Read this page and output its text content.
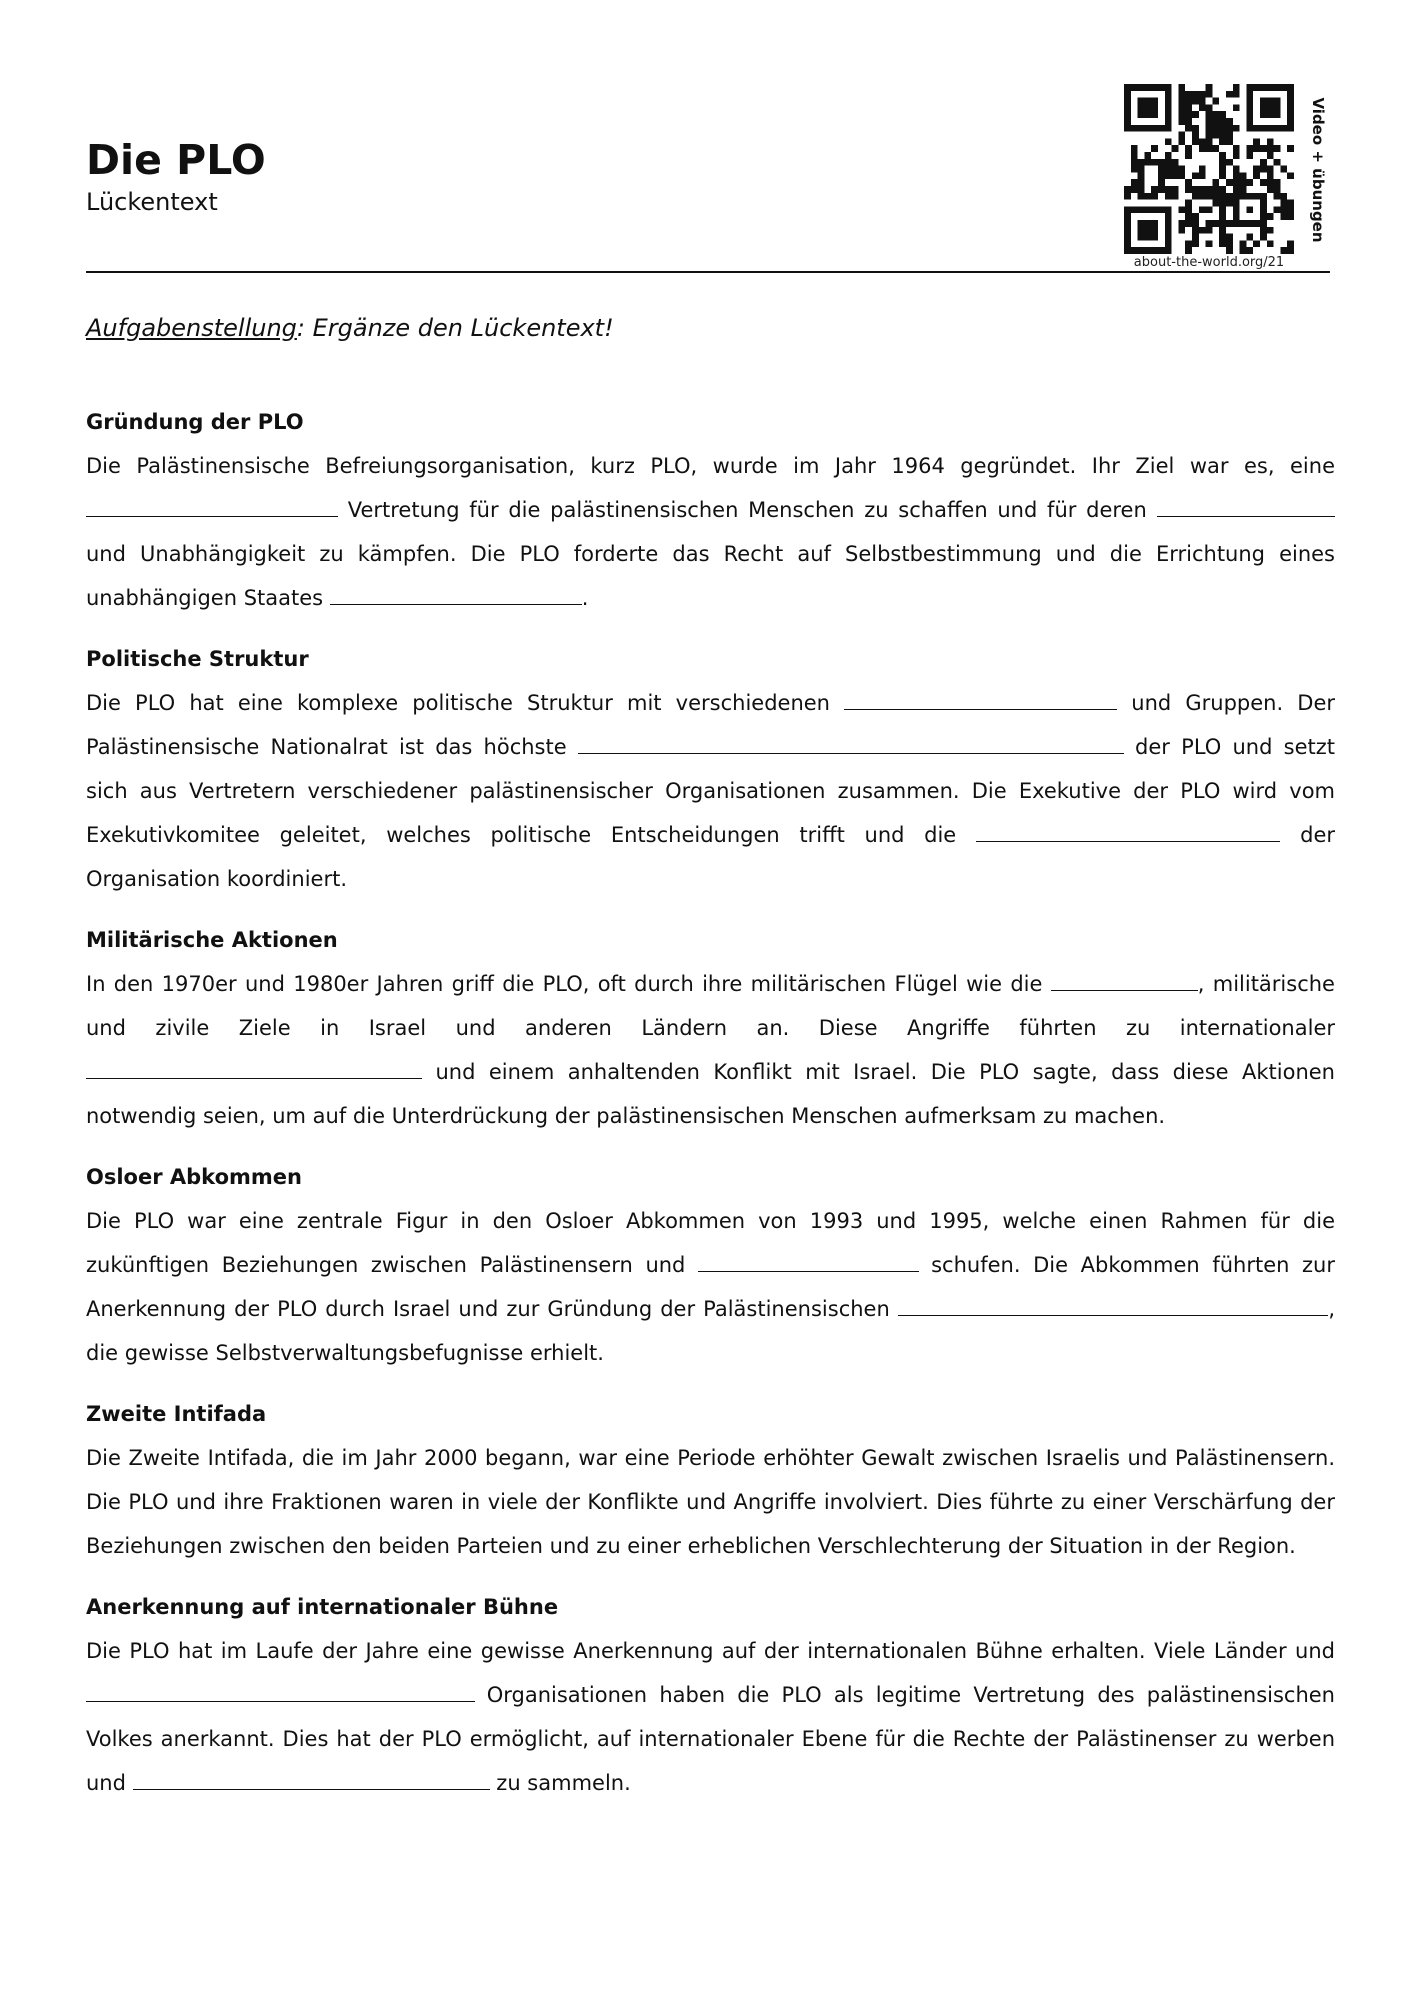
Die PLO
Lückentext
about-the-world.org/21
Video + übungen

Aufgabenstellung: Ergänze den Lückentext!

Gründung der PLO

Die Palästinensische Befreiungsorganisation, kurz PLO, wurde im Jahr 1964 gegründet. Ihr Ziel war es, eine  Vertretung für die palästinensischen Menschen zu schaffen und für deren  und Unabhängigkeit zu kämpfen. Die PLO forderte das Recht auf Selbstbestimmung und die Errichtung eines unabhängigen Staates	.

Politische Struktur

Die PLO hat eine komplexe politische Struktur mit verschiedenen	und Gruppen. Der Palästinensische Nationalrat ist das höchste	der PLO und setzt sich aus Vertretern verschiedener palästinensischer Organisationen zusammen. Die Exekutive der PLO wird vom Exekutivkomitee geleitet, welches politische Entscheidungen trifft und die	der Organisation koordiniert.

Militärische Aktionen

In den 1970er und 1980er Jahren griff die PLO, oft durch ihre militärischen Flügel wie die	, militärische und zivile Ziele in Israel und anderen Ländern an. Diese Angriffe führten zu internationaler  und einem anhaltenden Konflikt mit Israel. Die PLO sagte, dass diese Aktionen notwendig seien, um auf die Unterdrückung der palästinensischen Menschen aufmerksam zu machen.

Osloer Abkommen

Die PLO war eine zentrale Figur in den Osloer Abkommen von 1993 und 1995, welche einen Rahmen für die zukünftigen Beziehungen zwischen Palästinensern und	schufen. Die Abkommen führten zur Anerkennung der PLO durch Israel und zur Gründung der Palästinensischen	, die gewisse Selbstverwaltungsbefugnisse erhielt.

Zweite Intifada

Die Zweite Intifada, die im Jahr 2000 begann, war eine Periode erhöhter Gewalt zwischen Israelis und Palästinensern. Die PLO und ihre Fraktionen waren in viele der Konflikte und Angriffe involviert. Dies führte zu einer Verschärfung der Beziehungen zwischen den beiden Parteien und zu einer erheblichen Verschlechterung der Situation in der Region.

Anerkennung auf internationaler Bühne

Die PLO hat im Laufe der Jahre eine gewisse Anerkennung auf der internationalen Bühne erhalten. Viele Länder und  Organisationen haben die PLO als legitime Vertretung des palästinensischen Volkes anerkannt. Dies hat der PLO ermöglicht, auf internationaler Ebene für die Rechte der Palästinenser zu werben und	zu sammeln.
